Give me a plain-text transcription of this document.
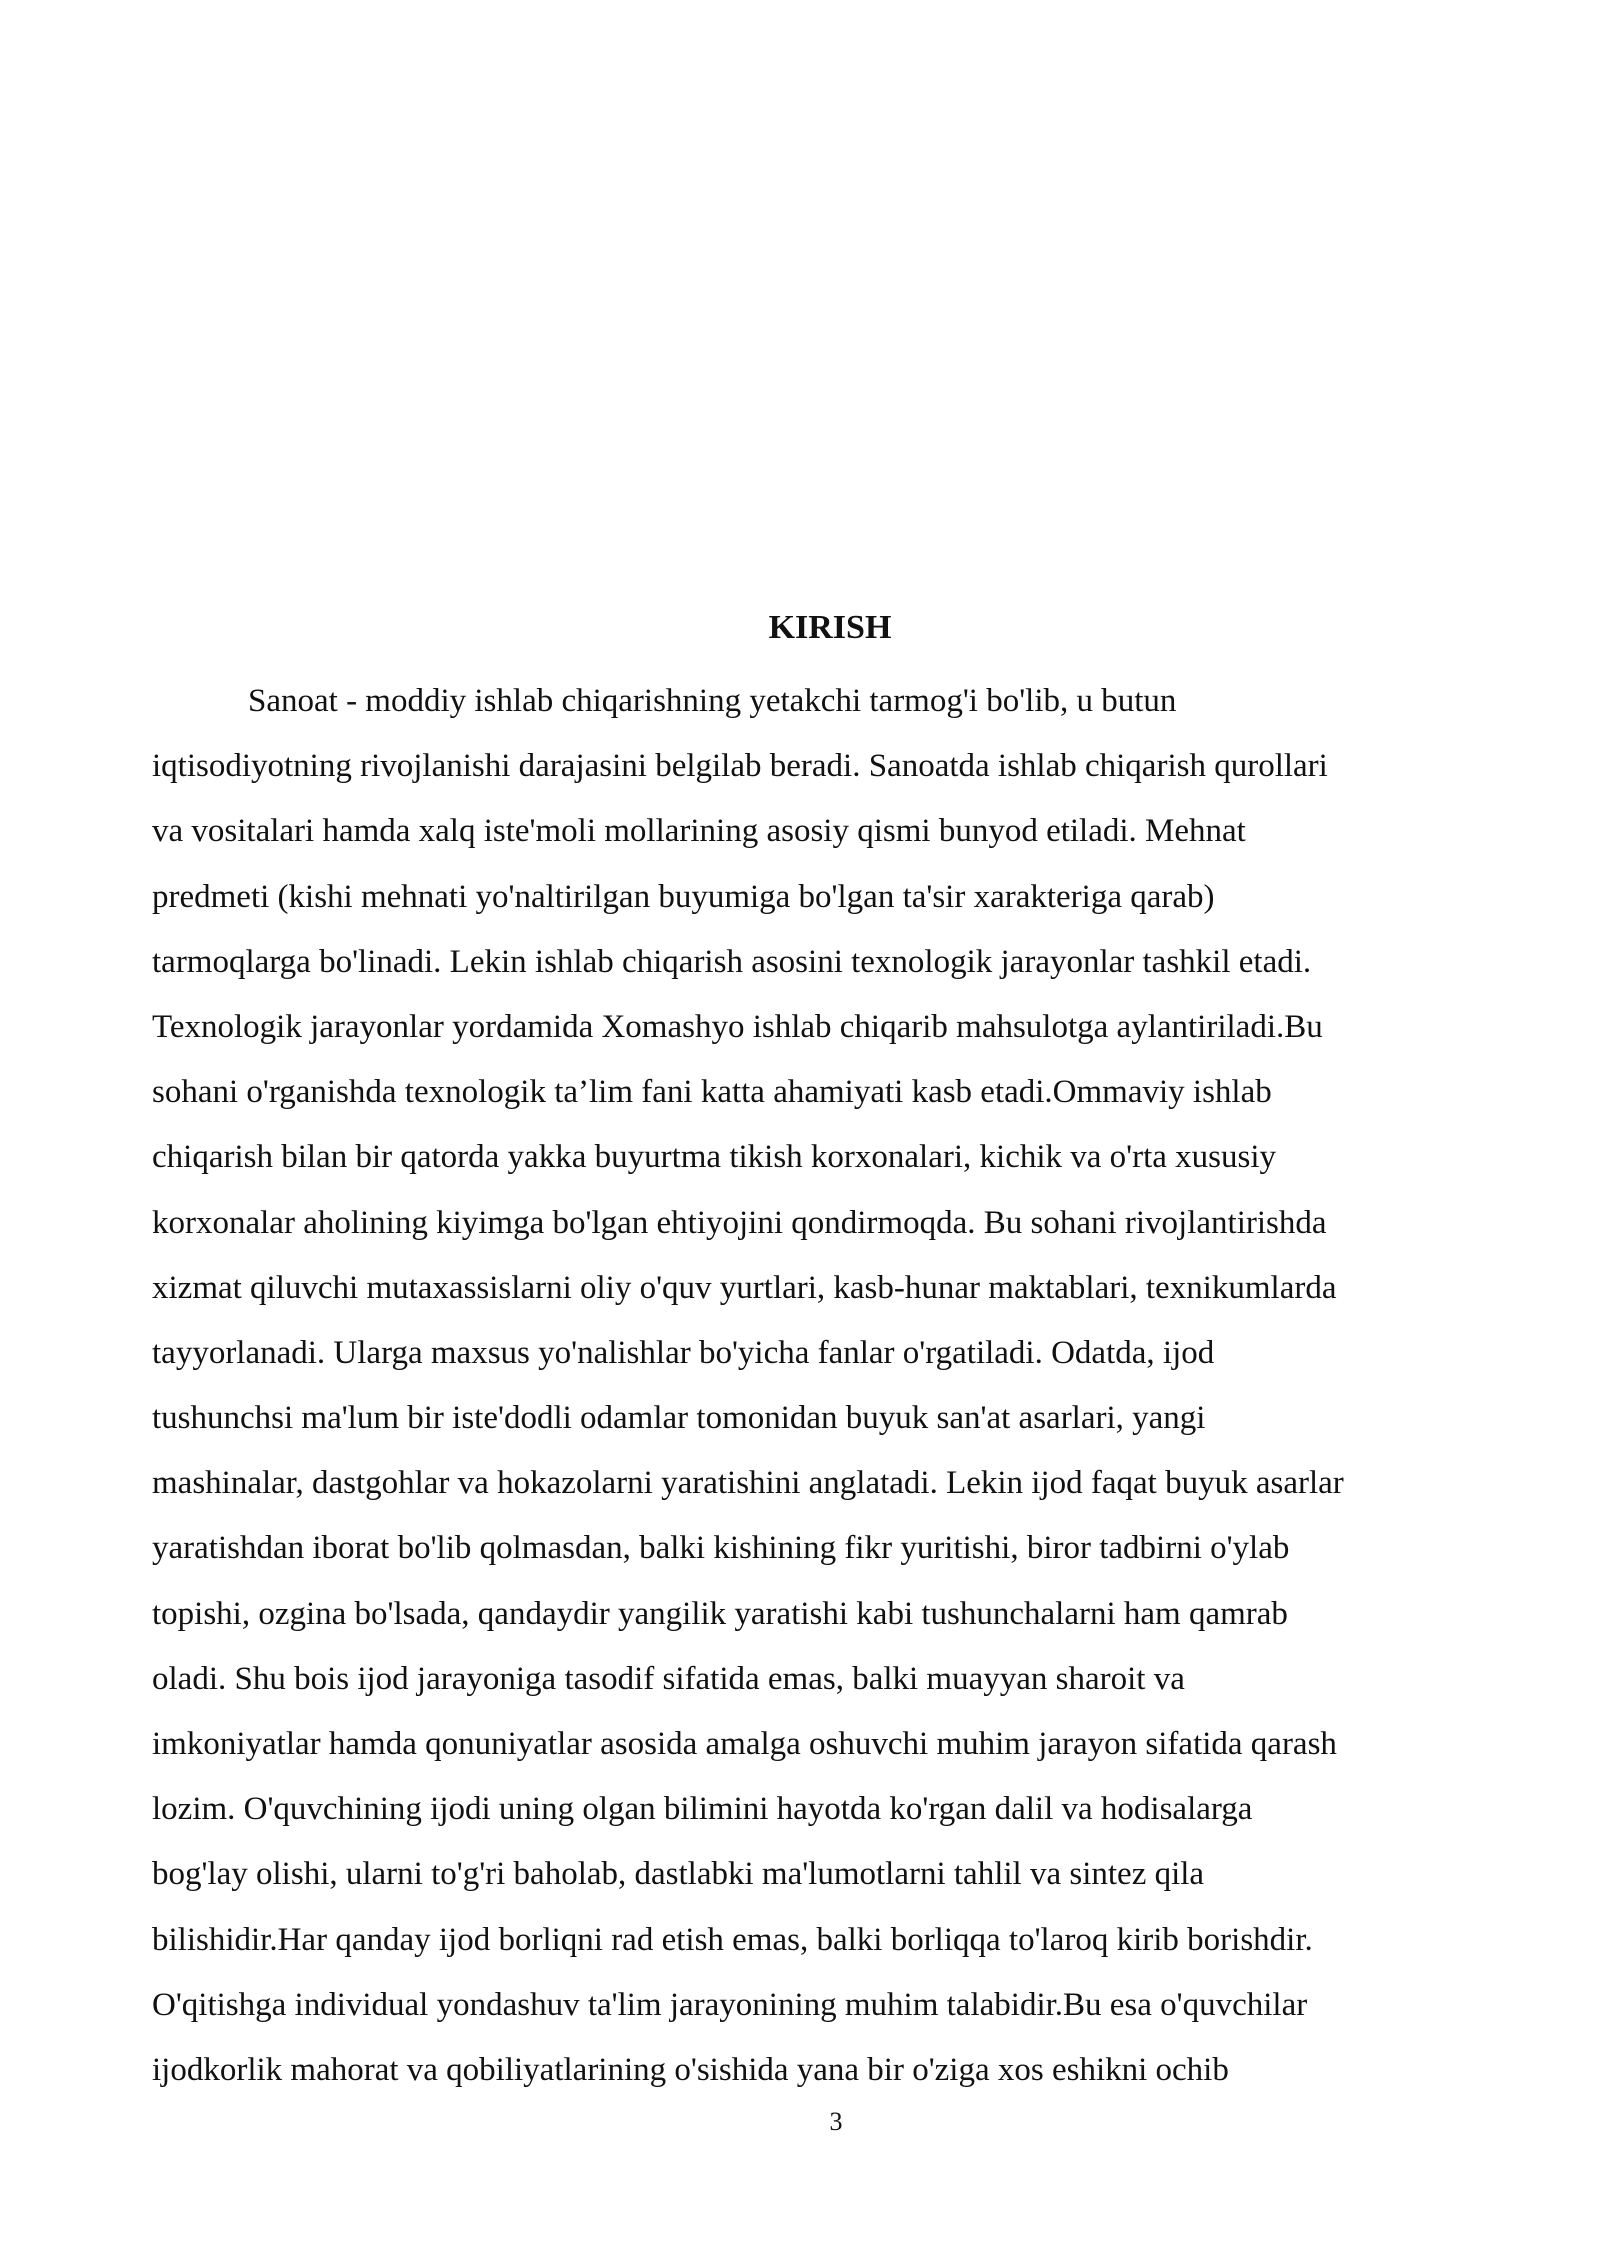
KIRISH
Sanoat - moddiy ishlab chiqarishning yetakchi tarmog'i bo'lib, u butun
iqtisodiyotning rivojlanishi darajasini belgilab beradi. Sanoatda ishlab chiqarish qurollari
va vositalari hamda xalq iste'moli mollarining asosiy qismi bunyod etiladi. Mehnat
predmeti (kishi mehnati yo'naltirilgan buyumiga bo'lgan ta'sir xarakteriga qarab)
tarmoqlarga bo'linadi. Lekin ishlab chiqarish asosini texnologik jarayonlar tashkil etadi.
Texnologik jarayonlar yordamida Xomashyo ishlab chiqarib mahsulotga aylantiriladi.Bu
sohani o'rganishda texnologik ta’lim fani katta ahamiyati kasb etadi.Ommaviy ishlab
chiqarish bilan bir qatorda yakka buyurtma tikish korxonalari, kichik va o'rta xususiy
korxonalar aholining kiyimga bo'lgan ehtiyojini qondirmoqda. Bu sohani rivojlantirishda
xizmat qiluvchi mutaxassislarni oliy o'quv yurtlari, kasb-hunar maktablari, texnikumlarda
tayyorlanadi. Ularga maxsus yo'nalishlar bo'yicha fanlar o'rgatiladi. Odatda, ijod
tushunchsi ma'lum bir iste'dodli odamlar tomonidan buyuk san'at asarlari, yangi
mashinalar, dastgohlar va hokazolarni yaratishini anglatadi. Lekin ijod faqat buyuk asarlar
yaratishdan iborat bo'lib qolmasdan, balki kishining fikr yuritishi, biror tadbirni o'ylab
topishi, ozgina bo'lsada, qandaydir yangilik yaratishi kabi tushunchalarni ham qamrab
oladi. Shu bois ijod jarayoniga tasodif sifatida emas, balki muayyan sharoit va
imkoniyatlar hamda qonuniyatlar asosida amalga oshuvchi muhim jarayon sifatida qarash
lozim. O'quvchining ijodi uning olgan bilimini hayotda ko'rgan dalil va hodisalarga
bog'lay olishi, ularni to'g'ri baholab, dastlabki ma'lumotlarni tahlil va sintez qila
bilishidir.Har qanday ijod borliqni rad etish emas, balki borliqqa to'laroq kirib borishdir.
O'qitishga individual yondashuv ta'lim jarayonining muhim talabidir.Bu esa o'quvchilar
ijodkorlik mahorat va qobiliyatlarining o'sishida yana bir o'ziga xos eshikni ochib
3
